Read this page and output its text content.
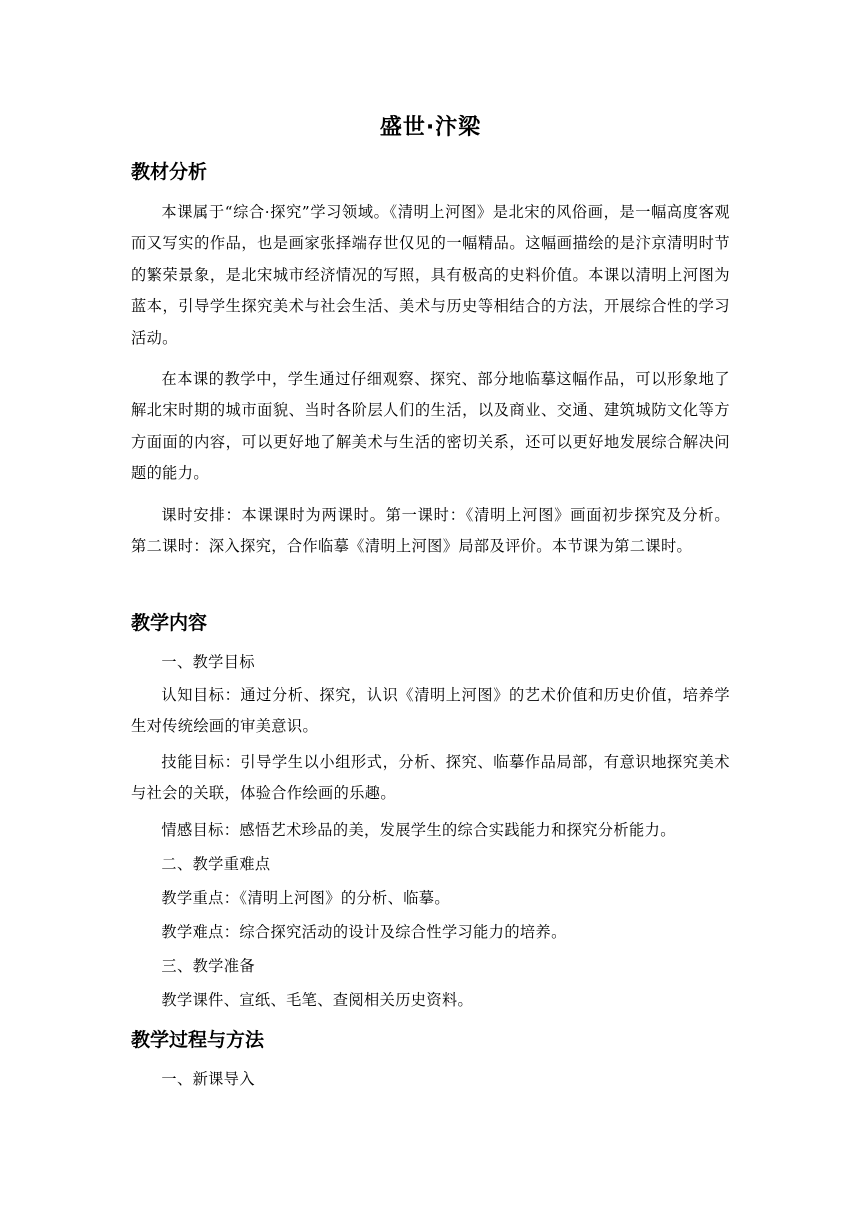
盛世·汴梁
教材分析
本课属于“综合·探究”学习领域。《清明上河图》是北宋的风俗画，是一幅高度客观而又写实的作品，也是画家张择端存世仅见的一幅精品。这幅画描绘的是汴京清明时节的繁荣景象，是北宋城市经济情况的写照，具有极高的史料价值。本课以清明上河图为蓝本，引导学生探究美术与社会生活、美术与历史等相结合的方法，开展综合性的学习活动。
在本课的教学中，学生通过仔细观察、探究、部分地临摹这幅作品，可以形象地了解北宋时期的城市面貌、当时各阶层人们的生活，以及商业、交通、建筑城防文化等方方面面的内容，可以更好地了解美术与生活的密切关系，还可以更好地发展综合解决问题的能力。
课时安排：本课课时为两课时。第一课时：《清明上河图》画面初步探究及分析。第二课时：深入探究，合作临摹《清明上河图》局部及评价。本节课为第二课时。
教学内容
一、教学目标
认知目标：通过分析、探究，认识《清明上河图》的艺术价值和历史价值，培养学生对传统绘画的审美意识。
技能目标：引导学生以小组形式，分析、探究、临摹作品局部，有意识地探究美术与社会的关联，体验合作绘画的乐趣。
情感目标：感悟艺术珍品的美，发展学生的综合实践能力和探究分析能力。
二、教学重难点
教学重点：《清明上河图》的分析、临摹。
教学难点：综合探究活动的设计及综合性学习能力的培养。
三、教学准备
教学课件、宣纸、毛笔、查阅相关历史资料。
教学过程与方法
一、新课导入
